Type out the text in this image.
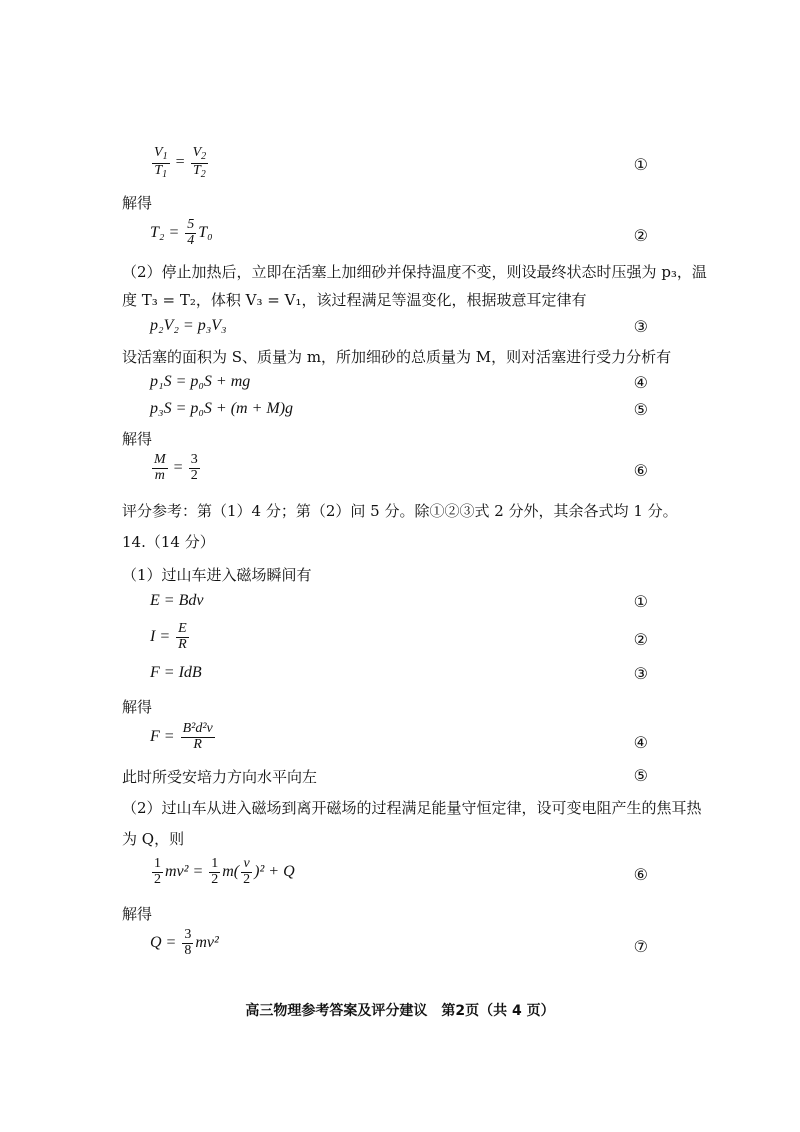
$\frac{V_1}{T_1} = \frac{V_2}{T_2}$	①
解得
$T_2 = \frac{5}{4} T_0$	②
（2）停止加热后，立即在活塞上加细砂并保持温度不变，则设最终状态时压强为 p₃，温
度 T₃ = T₂，体积 V₃ = V₁，该过程满足等温变化，根据玻意耳定律有
p₂V₂ = p₃V₃	③
设活塞的面积为 S、质量为 m，所加细砂的总质量为 M，则对活塞进行受力分析有
p₁S = p₀S + mg	④
p₃S = p₀S + (m + M)g	⑤
解得
$\frac{M}{m} = \frac{3}{2}$	⑥
评分参考：第（1）4 分；第（2）问 5 分。除①②③式 2 分外，其余各式均 1 分。
14.（14 分）
（1）过山车进入磁场瞬间有
E = Bdv	①
$I = \frac{E}{R}$	②
F = IdB	③
解得
$F = \frac{\text{B²d²v}}{R}$	④
此时所受安培力方向水平向左	⑤
（2）过山车从进入磁场到离开磁场的过程满足能量守恒定律，设可变电阻产生的焦耳热
为 Q，则
$\frac{1}{2} mv^2 = \frac{1}{2} m( \frac{v}{2} )^2 + Q$	⑥
解得
$Q = \frac{3}{8} mv^2$	⑦
高三物理参考答案及评分建议　第2页（共 4 页）
